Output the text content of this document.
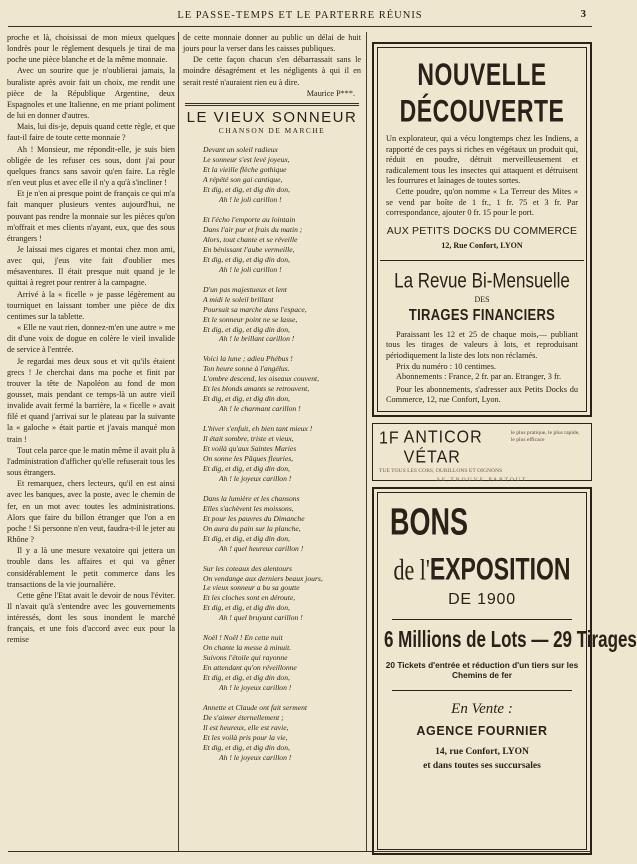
LE PASSE-TEMPS ET LE PARTERRE RÉUNIS	3

proche et là, choisissai de mon mieux quelques londrès pour le règlement desquels je tirai de ma poche une pièce blanche et de la même monnaie.

Avec un sourire que je n'oublierai jamais, la buraliste après avoir fait un choix, me rendit une pièce de la République Argentine, deux Espagnoles et une Italienne, en me priant poliment de lui en donner d'autres.

Mais, lui dis-je, depuis quand cette règle, et que faut-il faire de toute cette monnaie ?

Ah ! Monsieur, me répondit-elle, je suis bien obligée de les refuser ces sous, dont j'ai pour quelques francs sans savoir qu'en faire. La règle n'en veut plus et avec elle il n'y a qu'à s'incliner !

Et je n'en ai presque point de français ce qui m'a fait manquer plusieurs ventes aujourd'hui, ne pouvant pas rendre la monnaie sur les pièces qu'on m'offrait et mes clients n'ayant, eux, que des sous étrangers !

Je laissai mes cigares et montai chez mon ami, avec qui, j'eus vite fait d'oublier mes mésaventures. Il était presque nuit quand je le quittai à regret pour rentrer à la campagne.

Arrivé à la « ficelle » je passe légèrement au tourniquet en laissant tomber une pièce de dix centimes sur la tablette.

« Elle ne vaut rien, donnez-m'en une autre » me dit d'une voix de dogue en colère le vieil invalide de service à l'entrée.

Je regardai mes deux sous et vit qu'ils étaient grecs ! Je cherchai dans ma poche et finit par trouver la tête de Napoléon au fond de mon gousset, mais pendant ce temps-là un autre vieil invalide avait fermé la barrière, la « ficelle » avait filé et quand j'arrivai sur le plateau par la suivante la « galoche » était partie et j'avais manqué mon train !

Tout cela parce que le matin même il avait plu à l'administration d'afficher qu'elle refuserait tous les sous étrangers.

Et remarquez, chers lecteurs, qu'il en est ainsi avec les banques, avec la poste, avec le chemin de fer, en un mot avec toutes les administrations. Alors que faire du billon étranger que l'on a en poche ! Si personne n'en veut, faudra-t-il le jeter au Rhône ?

Il y a là une mesure vexatoire qui jettera un trouble dans les affaires et qui va gêner considérablement le petit commerce dans les transactions de la vie journalière.

Cette gêne l'Etat avait le devoir de nous l'éviter. Il n'avait qu'à s'entendre avec les gouvernements intéressés, dont les sous inondent le marché français, et une fois d'accord avec eux pour la remise

de cette monnaie donner au public un délai de huit jours pour la verser dans les caisses publiques.

De cette façon chacun s'en débarrassait sans le moindre désagrément et les négligents à qui il en serait resté n'auraient rien eu à dire.

Maurice P***.
LE VIEUX SONNEUR
CHANSON DE MARCHE
Devant un soleil radieux
Le sonneur s'est levé joyeux,
Et la vieille flèche gothique
A répété son gai cantique,
Et dig, et dig, et dig din don,
Ah ! le joli carillon !
Et l'écho l'emporte au lointain
Dans l'air pur et frais du matin ;
Alors, tout chante et se réveille
En bénissant l'aube vermeille,
Et dig, et dig, et dig din don,
Ah ! le joli carillon !
D'un pas majestueux et lent
A midi le soleil brillant
Poursuit sa marche dans l'espace,
Et le sonneur point ne se lasse,
Et dig, et dig, et dig din don,
Ah ! le brillant carillon !
Voici la lune ; adieu Phébus !
Ton heure sonne à l'angélus.
L'ombre descend, les oiseaux couvent,
Et les blonds amants se retrouvent,
Et dig, et dig, et dig din don,
Ah ! le charmant carillon !
L'hiver s'enfuit, eh bien tant mieux !
Il était sombre, triste et vieux,
Et voilà qu'aux Saintes Maries
On sonne les Pâques fleuries,
Et dig, et dig, et dig din don,
Ah ! le joyeux carillon !
Dans la lumière et les chansons
Elles s'achèvent les moissons,
Et pour les pauvres du Dimanche
On aura du pain sur la planche,
Et dig, et dig, et dig din don,
Ah ! quel heureux carillon !
Sur les coteaux des alentours
On vendange aux derniers beaux jours,
Le vieux sonneur a bu sa goutte
Et les cloches sont en déroute,
Et dig, et dig, et dig din don,
Ah ! quel bruyant carillon !
Noël ! Noël ! En cette nuit
On chante la messe à minuit.
Suivons l'étoile qui rayonne
En attendant qu'on réveillonne
Et dig, et dig, et dig din don,
Ah ! le joyeux carillon !
Annette et Claude ont fait serment
De s'aimer éternellement ;
Il est heureux, elle est ravie,
Et les voilà pris pour la vie,
Et dig, et dig, et dig din don,
Ah ! le joyeux carillon !
NOUVELLE DÉCOUVERTE
Un explorateur, qui a vécu longtemps chez les Indiens, a rapporté de ces pays si riches en végétaux un produit qui, réduit en poudre, détruit merveilleusement et radicalement tous les insectes qui attaquent et détruisent les fourrures et lainages de toutes sortes.
Cette poudre, qu'on nomme « La Terreur des Mites » se vend par boîte de 1 fr., 1 fr. 75 et 3 fr. Par correspondance, ajouter 0 fr. 15 pour le port.
AUX PETITS DOCKS DU COMMERCE
12, Rue Confort, LYON
La Revue Bi-Mensuelle
DES
TIRAGES FINANCIERS
Paraissant les 12 et 25 de chaque mois,— publiant tous les tirages de valeurs à lots, et reproduisant périodiquement la liste des lots non réclamés.
Prix du numéro : 10 centimes.
Abonnements : France, 2 fr. par an. Etranger, 3 fr.
Pour les abonnements, s'adresser aux Petits Docks du Commerce, 12, rue Confort, Lyon.
1F ANTICOR VÉTAR
le plus pratique, le plus rapide, le plus efficace
TUE TOUS LES CORS, DURILLONS ET OIGNONS
SE TROUVE PARTOUT
BONS
de l'EXPOSITION
DE 1900
6 Millions de Lots — 29 Tirages
20 Tickets d'entrée et réduction d'un tiers sur les Chemins de fer
En Vente :
AGENCE FOURNIER
14, rue Confort, LYON
et dans toutes ses succursales
